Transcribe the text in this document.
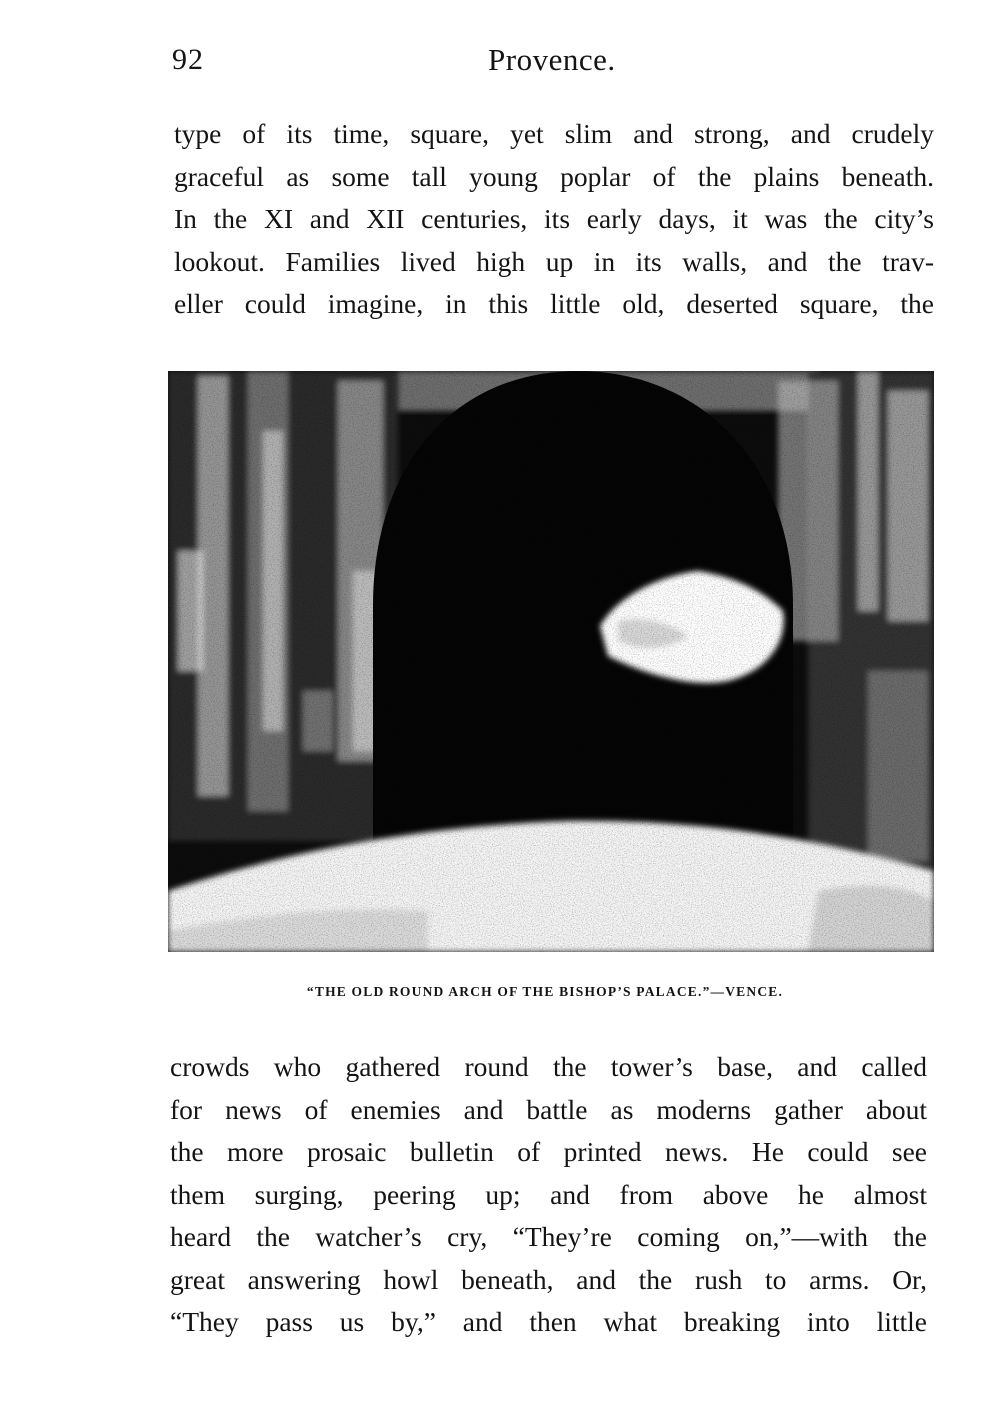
92	Provence.
type of its time, square, yet slim and strong, and crudely
graceful as some tall young poplar of the plains beneath.
In the XI and XII centuries, its early days, it was the city’s
lookout. Families lived high up in its walls, and the trav-
eller could imagine, in this little old, deserted square, the
“THE OLD ROUND ARCH OF THE BISHOP’S PALACE.”—VENCE.
crowds who gathered round the tower’s base, and called
for news of enemies and battle as moderns gather about
the more prosaic bulletin of printed news. He could see
them surging, peering up; and from above he almost
heard the watcher’s cry, “They’re coming on,”—with the
great answering howl beneath, and the rush to arms. Or,
“They pass us by,” and then what breaking into little
